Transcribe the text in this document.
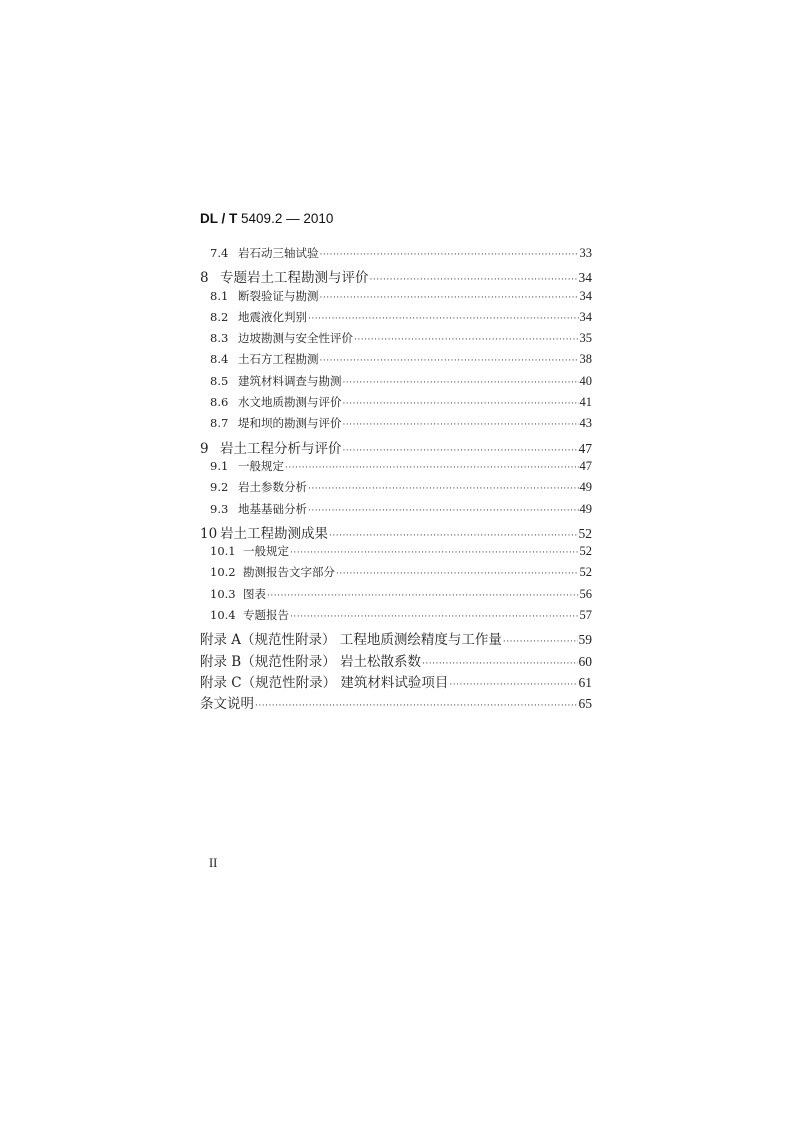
DL / T 5409.2 — 2010
7.4 岩石动三轴试验 ·····	33
8 专题岩土工程勘测与评价 ·····	34
8.1 断裂验证与勘测 ·····	34
8.2 地震液化判别 ·····	34
8.3 边坡勘测与安全性评价 ·····	35
8.4 土石方工程勘测 ·····	38
8.5 建筑材料调查与勘测 ·····	40
8.6 水文地质勘测与评价 ·····	41
8.7 堤和坝的勘测与评价 ·····	43
9 岩土工程分析与评价 ·····	47
9.1 一般规定 ·····	47
9.2 岩土参数分析 ·····	49
9.3 地基基础分析 ·····	49
10 岩土工程勘测成果 ·····	52
10.1 一般规定 ·····	52
10.2 勘测报告文字部分 ·····	52
10.3 图表 ·····	56
10.4 专题报告 ·····	57
附录 A（规范性附录） 工程地质测绘精度与工作量 ·····	59
附录 B（规范性附录） 岩土松散系数 ·····	60
附录 C（规范性附录） 建筑材料试验项目 ·····	61
条文说明 ·····	65
II
